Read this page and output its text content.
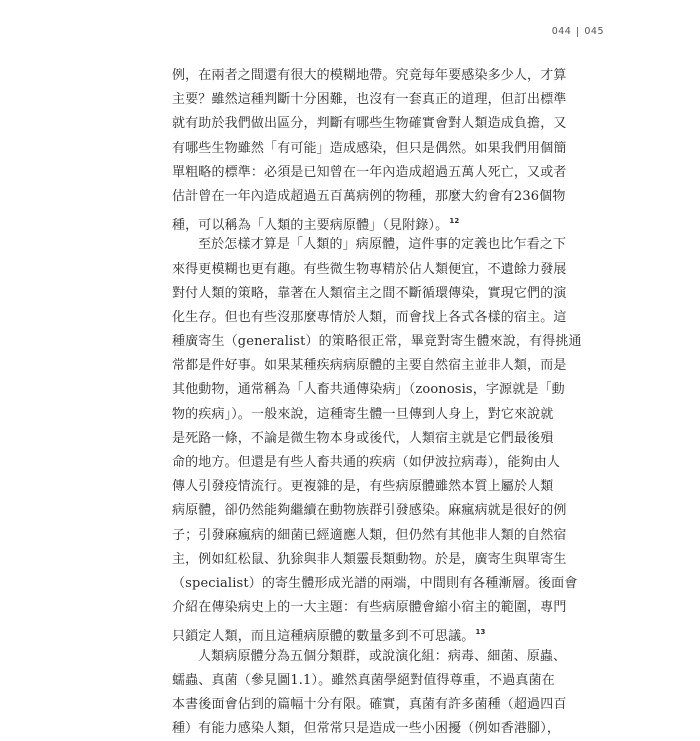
044 045
例，在兩者之間還有很大的模糊地帶。究竟每年要感染多少人，才算
主要？雖然這種判斷十分困難，也沒有一套真正的道理，但訂出標準
就有助於我們做出區分，判斷有哪些生物確實會對人類造成負擔，又
有哪些生物雖然「有可能」造成感染，但只是偶然。如果我們用個簡
單粗略的標準：必須是已知曾在一年內造成超過五萬人死亡，又或者
估計曾在一年內造成超過五百萬病例的物種，那麼大約會有236個物
種，可以稱為「人類的主要病原體」（見附錄）。$^{12}$
至於怎樣才算是「人類的」病原體，這件事的定義也比乍看之下
來得更模糊也更有趣。有些微生物專精於佔人類便宜，不遺餘力發展
對付人類的策略，靠著在人類宿主之間不斷循環傳染，實現它們的演
化生存。但也有些沒那麼專情於人類，而會找上各式各樣的宿主。這
種廣寄生（generalist）的策略很正常，畢竟對寄生體來說，有得挑通
常都是件好事。如果某種疾病病原體的主要自然宿主並非人類，而是
其他動物，通常稱為「人畜共通傳染病」（zoonosis，字源就是「動
物的疾病」）。一般來說，這種寄生體一旦傳到人身上，對它來說就
是死路一條，不論是微生物本身或後代，人類宿主就是它們最後殞
命的地方。但還是有些人畜共通的疾病（如伊波拉病毒），能夠由人
傳人引發疫情流行。更複雜的是，有些病原體雖然本質上屬於人類
病原體，卻仍然能夠繼續在動物族群引發感染。麻瘋病就是很好的例
子；引發麻瘋病的細菌已經適應人類，但仍然有其他非人類的自然宿
主，例如紅松鼠、犰狳與非人類靈長類動物。於是，廣寄生與單寄生
（specialist）的寄生體形成光譜的兩端，中間則有各種漸層。後面會
介紹在傳染病史上的一大主題：有些病原體會縮小宿主的範圍，專門
只鎖定人類，而且這種病原體的數量多到不可思議。$^{13}$
人類病原體分為五個分類群，或說演化組：病毒、細菌、原蟲、
蠕蟲、真菌（參見圖1.1）。雖然真菌學絕對值得尊重，不過真菌在
本書後面會佔到的篇幅十分有限。確實，真菌有許多菌種（超過四百
種）有能力感染人類，但常常只是造成一些小困擾（例如香港腳），
